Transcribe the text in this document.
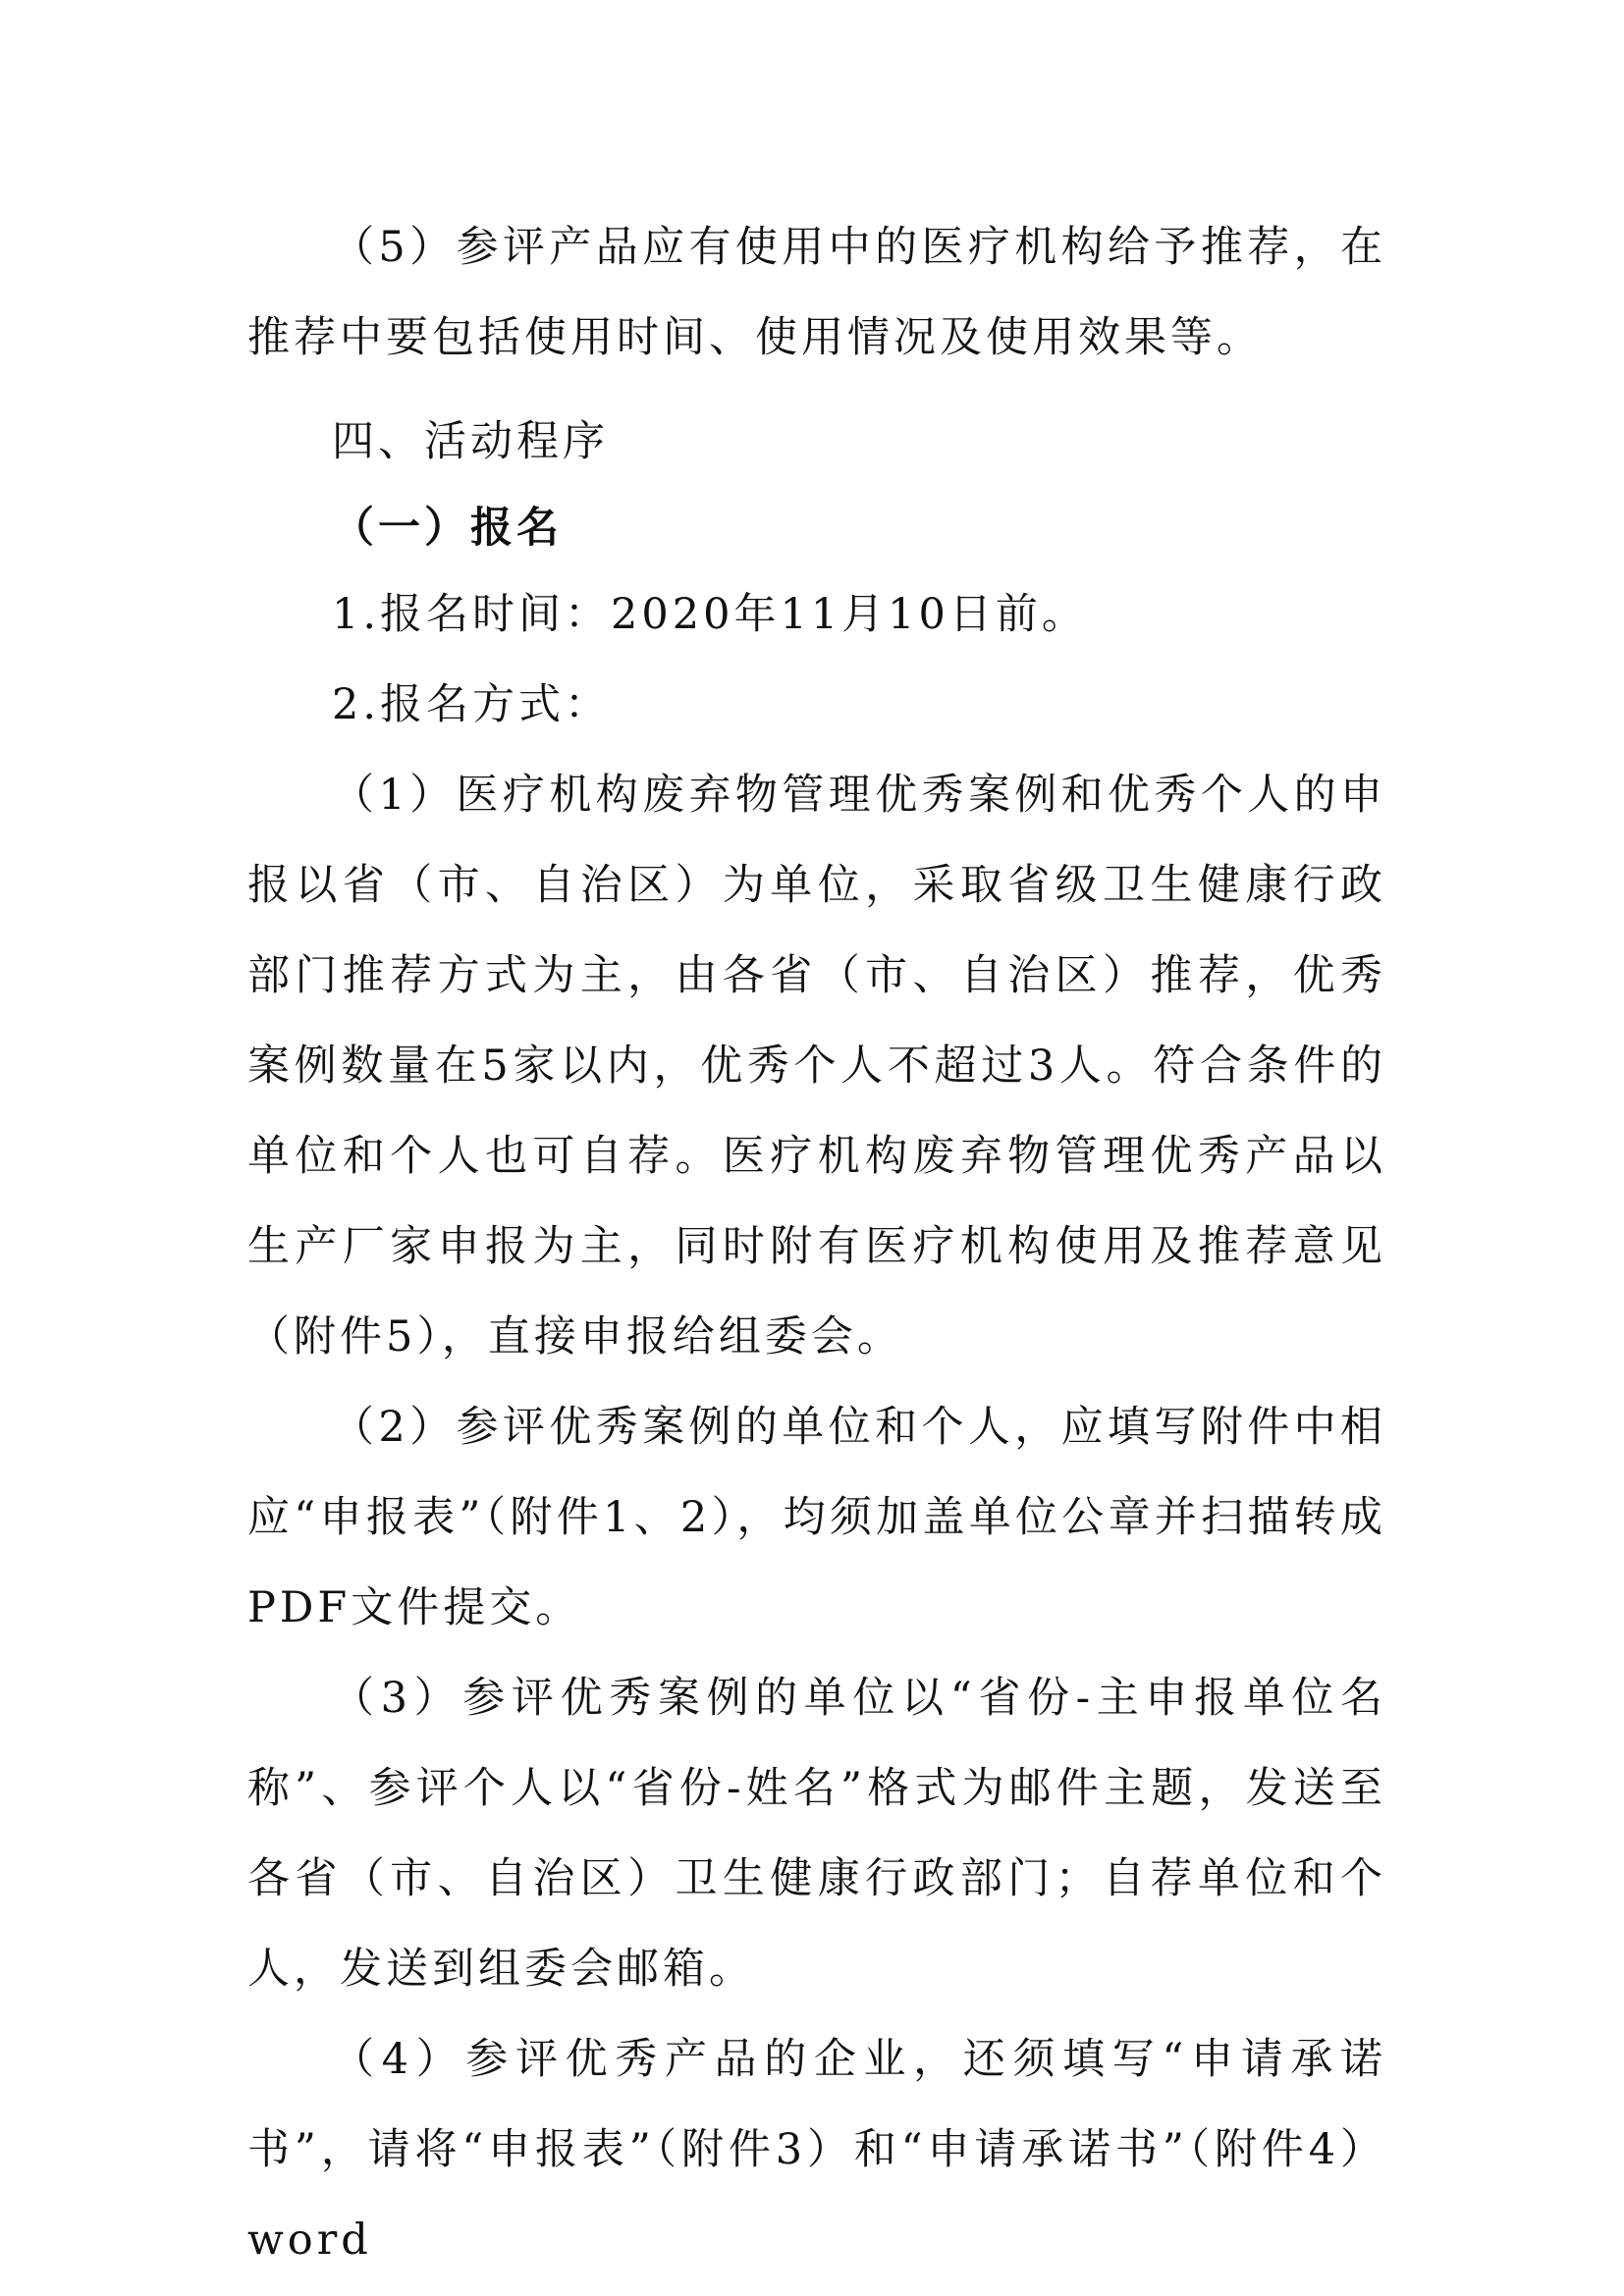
（5）参评产品应有使用中的医疗机构给予推荐，在推荐中要包括使用时间、使用情况及使用效果等。

四、活动程序
（一）报名

1.报名时间：2020年11月10日前。

2.报名方式：

（1）医疗机构废弃物管理优秀案例和优秀个人的申报以省（市、自治区）为单位，采取省级卫生健康行政部门推荐方式为主，由各省（市、自治区）推荐，优秀案例数量在5家以内，优秀个人不超过3人。符合条件的单位和个人也可自荐。医疗机构废弃物管理优秀产品以生产厂家申报为主，同时附有医疗机构使用及推荐意见（附件5），直接申报给组委会。

（2）参评优秀案例的单位和个人，应填写附件中相应“申报表”（附件1、2），均须加盖单位公章并扫描转成PDF文件提交。

（3）参评优秀案例的单位以“省份-主申报单位名称”、参评个人以“省份-姓名”格式为邮件主题，发送至各省（市、自治区）卫生健康行政部门；自荐单位和个人，发送到组委会邮箱。

（4）参评优秀产品的企业，还须填写“申请承诺书”，请将“申报表”（附件3）和“申请承诺书”（附件4）word
